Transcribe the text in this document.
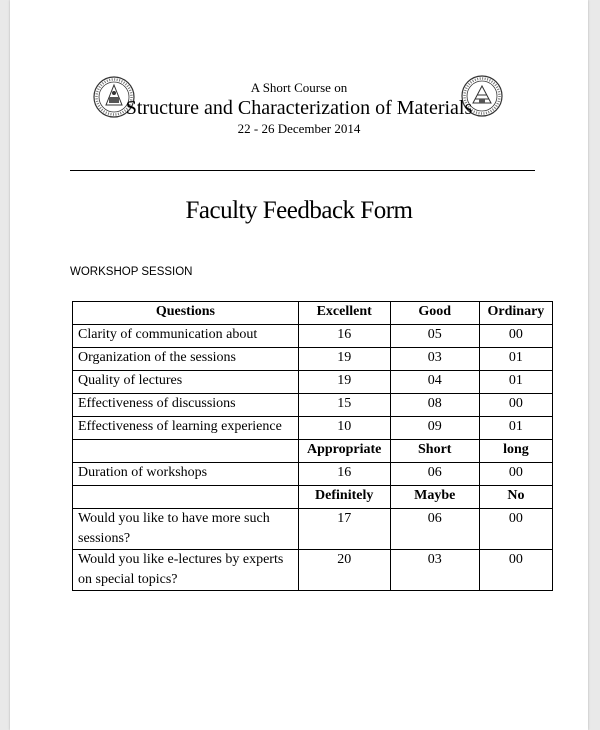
A Short Course on
Structure and Characterization of Materials
22 - 26 December 2014
Faculty Feedback Form
WORKSHOP SESSION
Questions	Excellent	Good	Ordinary
Clarity of communication about	16	05	00
Organization of the sessions	19	03	01
Quality of lectures	19	04	01
Effectiveness of discussions	15	08	00
Effectiveness of learning experience	10	09	01
	Appropriate	Short	long
Duration of workshops	16	06	00
	Definitely	Maybe	No
Would you like to have more such sessions?	17	06	00
Would you like e-lectures by experts on special topics?	20	03	00
